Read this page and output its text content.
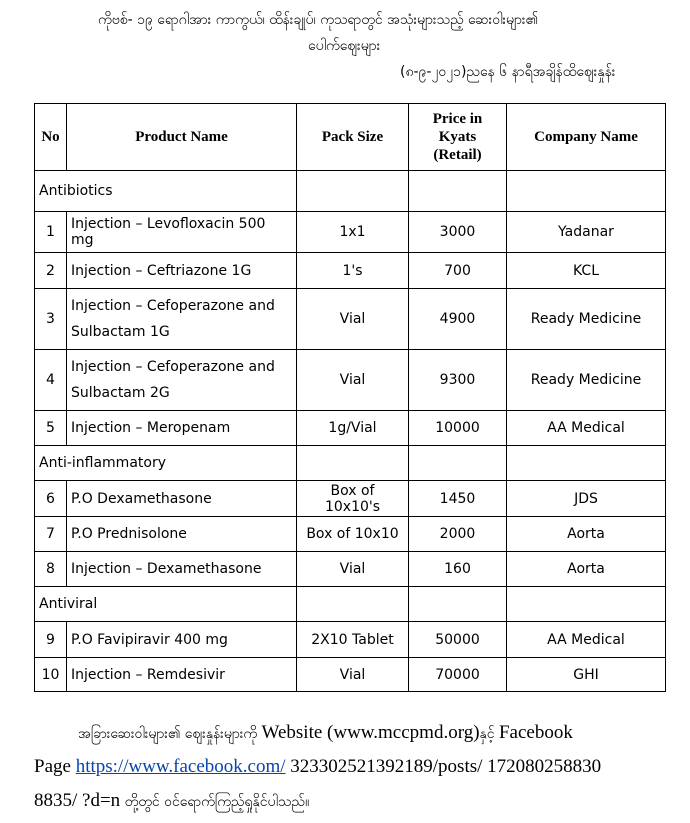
ကိုဗစ်- ၁၉ ရောဂါအား ကာကွယ်၊ ထိန်းချုပ်၊ ကုသရာတွင် အသုံးများသည့် ဆေးဝါးများ၏
ပေါက်ဈေးများ
(၈-၉-၂၀၂၁)ညနေ ၆ နာရီအချိန်ထိဈေးနှုန်း
No	Product Name	Pack Size	Price in Kyats (Retail)	Company Name
Antibiotics				
1	Injection – Levofloxacin 500 mg	1x1	3000	Yadanar
2	Injection – Ceftriazone 1G	1's	700	KCL
3	Injection – Cefoperazone and Sulbactam 1G	Vial	4900	Ready Medicine
4	Injection – Cefoperazone and Sulbactam 2G	Vial	9300	Ready Medicine
5	Injection – Meropenam	1g/Vial	10000	AA Medical
Anti-inflammatory				
6	P.O Dexamethasone	Box of 10x10's	1450	JDS
7	P.O Prednisolone	Box of 10x10	2000	Aorta
8	Injection – Dexamethasone	Vial	160	Aorta
Antiviral				
9	P.O Favipiravir 400 mg	2X10 Tablet	50000	AA Medical
10	Injection – Remdesivir	Vial	70000	GHI
အခြားဆေးဝါးများ၏ ဈေးနှုန်းများကို Website (www.mccpmd.org)နှင့် Facebook
Page https://www.facebook.com/ 323302521392189/posts/ 172080258830
8835/ ?d=n တို့တွင် ဝင်ရောက်ကြည့်ရှုနိုင်ပါသည်။
